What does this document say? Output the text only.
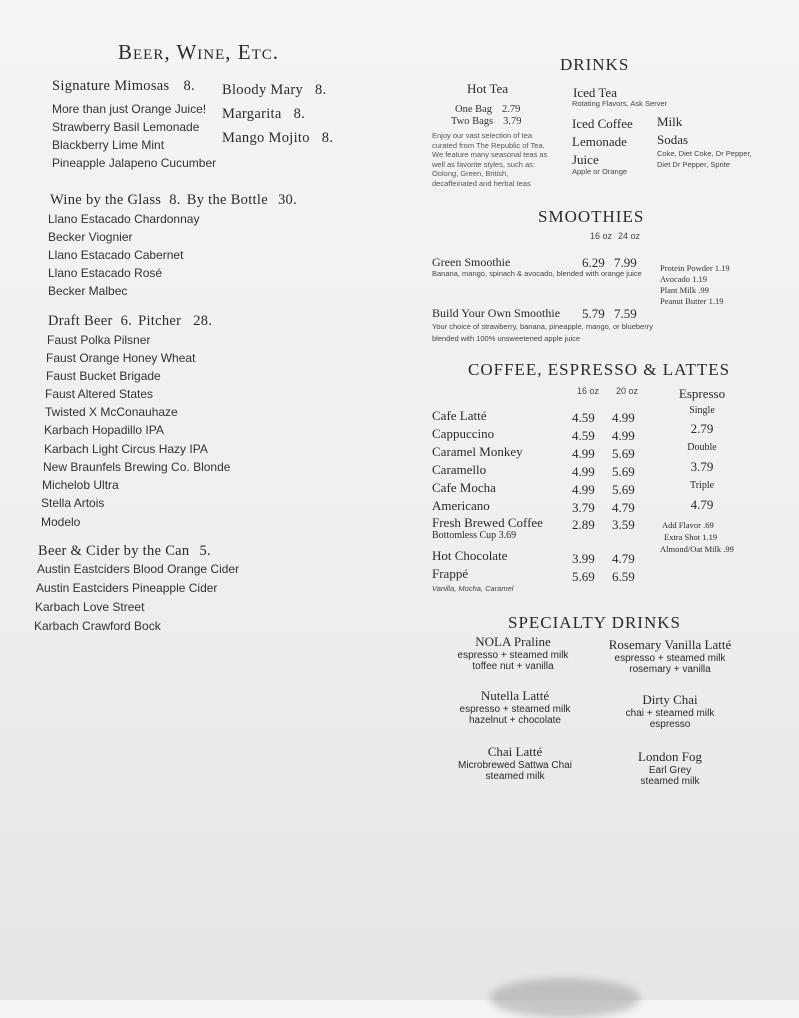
Beer, Wine, Etc.
Signature Mimosas 8.
More than just Orange Juice!
Strawberry Basil Lemonade
Blackberry Lime Mint
Pineapple Jalapeno Cucumber
Bloody Mary 8.
Margarita 8.
Mango Mojito 8.
Wine by the Glass 8. By the Bottle 30.
Llano Estacado Chardonnay
Becker Viognier
Llano Estacado Cabernet
Llano Estacado Rosé
Becker Malbec
Draft Beer 6. Pitcher 28.
Faust Polka Pilsner
Faust Orange Honey Wheat
Faust Bucket Brigade
Faust Altered States
Twisted X McConauhaze
Karbach Hopadillo IPA
Karbach Light Circus Hazy IPA
New Braunfels Brewing Co. Blonde
Michelob Ultra
Stella Artois
Modelo
Beer & Cider by the Can 5.
Austin Eastciders Blood Orange Cider
Austin Eastciders Pineapple Cider
Karbach Love Street
Karbach Crawford Bock
DRINKS
Hot Tea
One Bag 2.79
Two Bags 3.79
Enjoy our vast selection of tea curated from The Republic of Tea. We feature many seasonal teas as well as favorite styles, such as: Oolong, Green, British, decaffeinated and herbal teas
Iced Tea
Rotating Flavors, Ask Server
Iced Coffee
Lemonade
Juice
Apple or Orange
Milk
Sodas
Coke, Diet Coke, Dr Pepper,
Diet Dr Pepper, Sprite
SMOOTHIES
16 oz 24 oz
Green Smoothie	6.29 7.99
Banana, mango, spinach & avocado, blended with orange juice
Build Your Own Smoothie 5.79 7.59
Your choice of strawberry, banana, pineapple, mango, or blueberry
blended with 100% unsweetened apple juice
Protein Powder 1.19
Avocado 1.19
Plant Milk .99
Peanut Butter 1.19
COFFEE, ESPRESSO & LATTES
16 oz 20 oz
Cafe Latté	4.59 4.99
Cappuccino	4.59 4.99
Caramel Monkey	4.99 5.69
Caramello	4.99 5.69
Cafe Mocha	4.99 5.69
Americano	3.79 4.79
Fresh Brewed Coffee 2.89 3.59
Bottomless Cup 3.69
Hot Chocolate	3.99 4.79
Frappé	5.69 6.59
Vanilla, Mocha, Caramel
Espresso
Single
2.79
Double
3.79
Triple
4.79
Add Flavor .69
Extra Shot 1.19
Almond/Oat Milk .99
SPECIALTY DRINKS
NOLA Praline
espresso + steamed milk
toffee nut + vanilla
Rosemary Vanilla Latté
espresso + steamed milk
rosemary + vanilla
Nutella Latté
espresso + steamed milk
hazelnut + chocolate
Dirty Chai
chai + steamed milk
espresso
Chai Latté
Microbrewed Sattwa Chai
steamed milk
London Fog
Earl Grey
steamed milk
